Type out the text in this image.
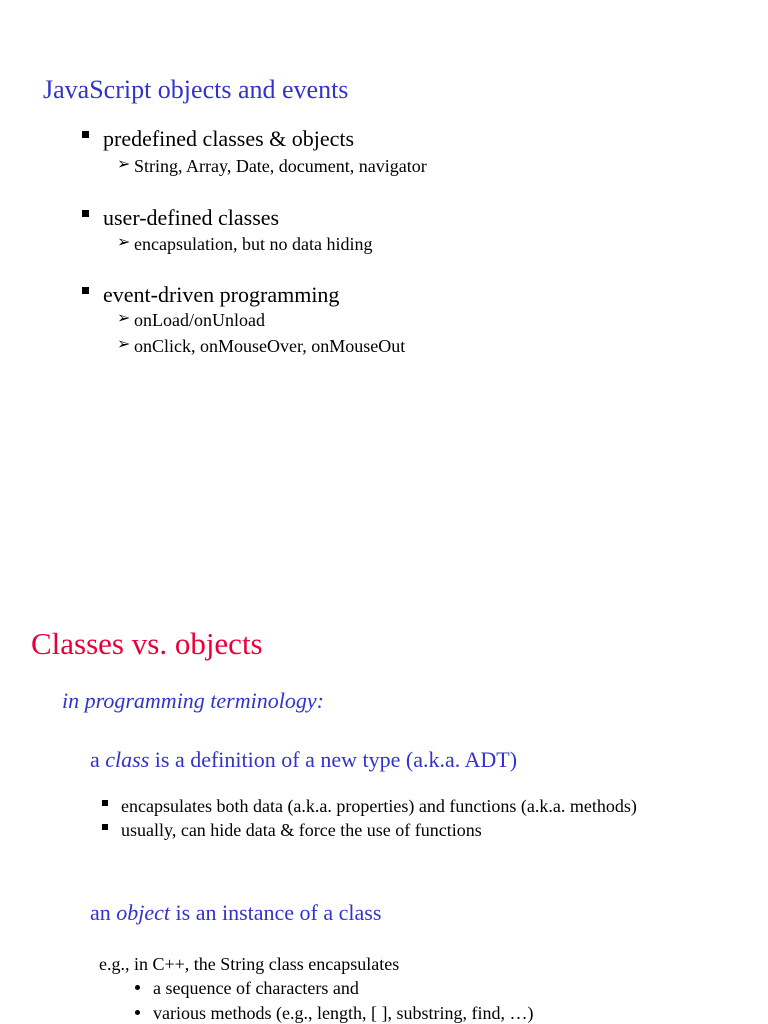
JavaScript objects and events
predefined classes & objects
➢ String, Array, Date, document, navigator
user-defined classes
➢ encapsulation, but no data hiding
event-driven programming
➢ onLoad/onUnload
➢ onClick, onMouseOver, onMouseOut
Classes vs. objects
in programming terminology:
a class is a definition of a new type (a.k.a. ADT)
encapsulates both data (a.k.a. properties) and functions (a.k.a. methods)
usually, can hide data & force the use of functions
an object is an instance of a class
e.g., in C++, the String class encapsulates
a sequence of characters and
various methods (e.g., length, [ ], substring, find, …)
